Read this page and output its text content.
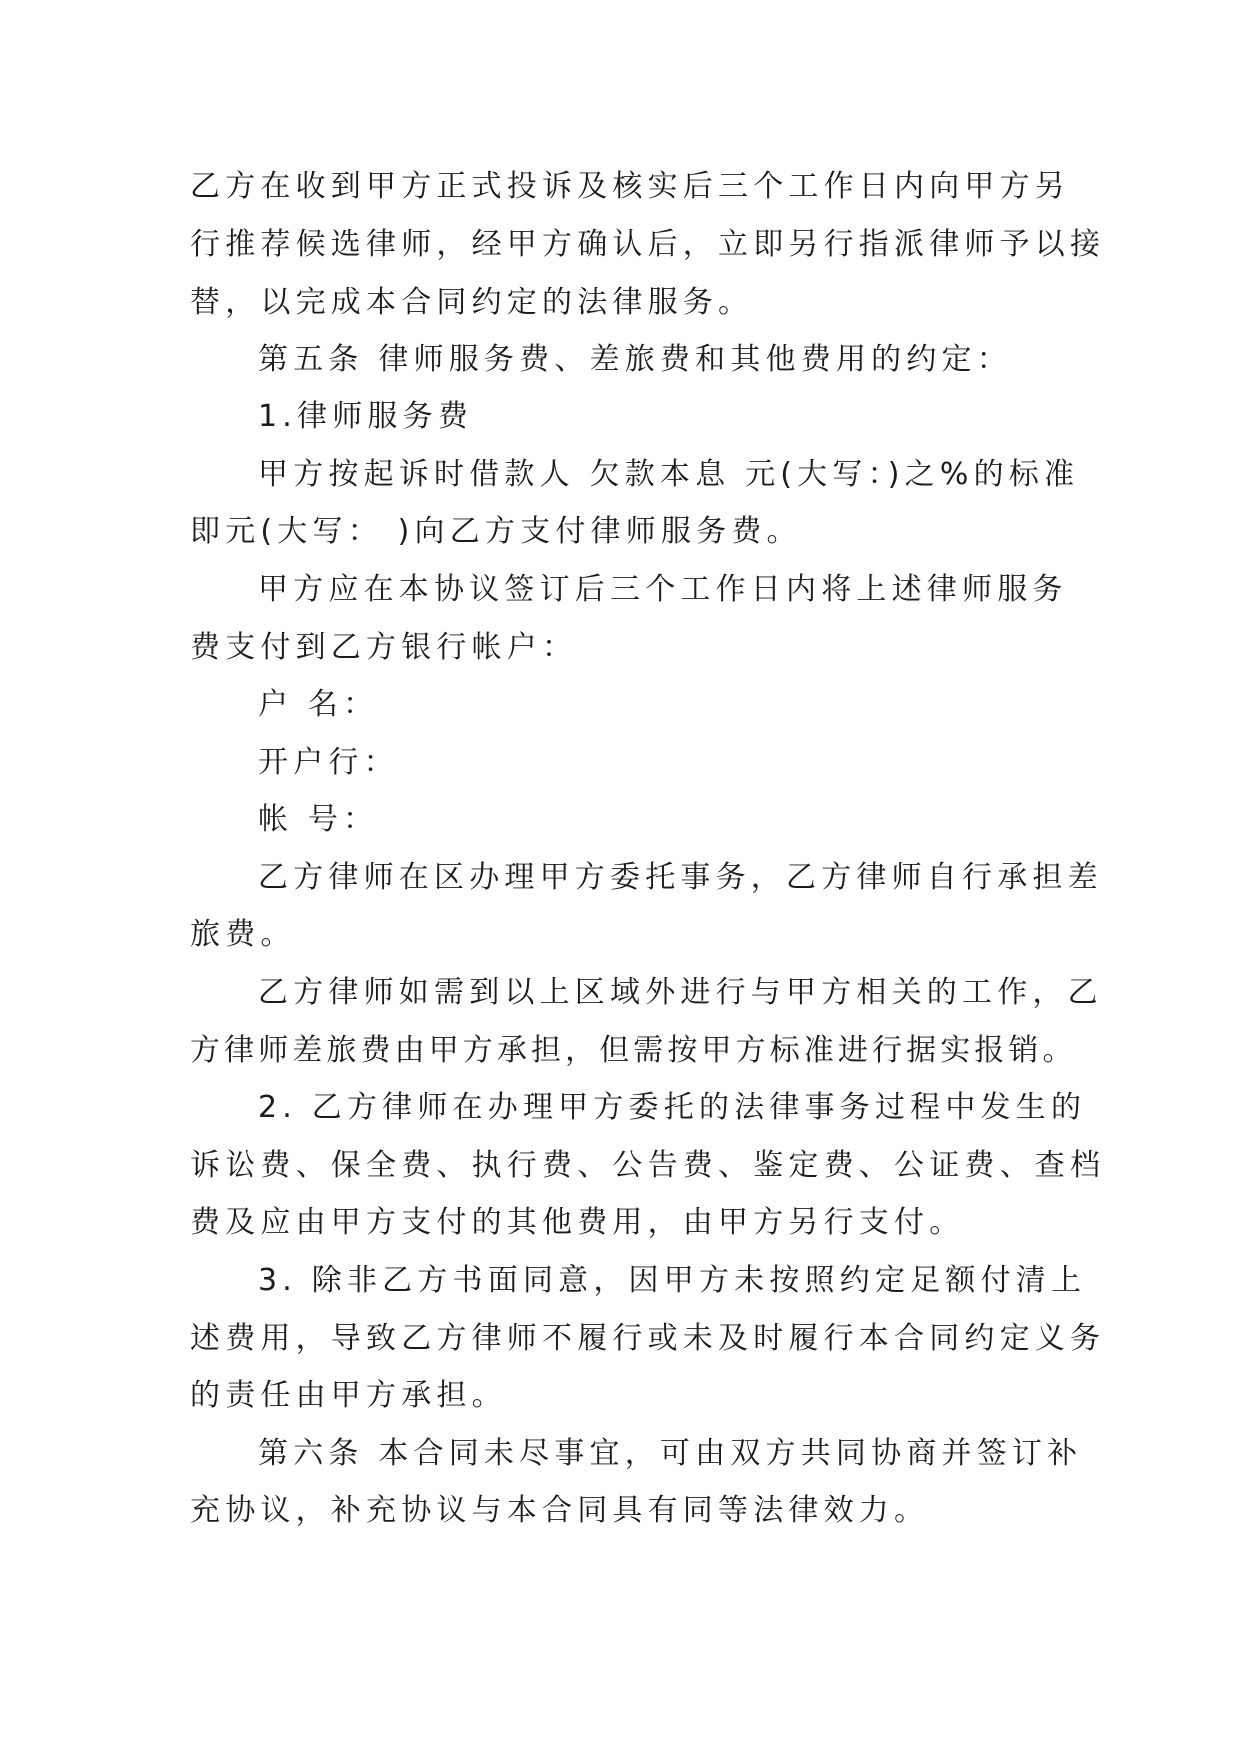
乙方在收到甲方正式投诉及核实后三个工作日内向甲方另
行推荐候选律师，经甲方确认后，立即另行指派律师予以接
替，以完成本合同约定的法律服务。
第五条 律师服务费、差旅费和其他费用的约定：
1.律师服务费
甲方按起诉时借款人 欠款本息 元(大写：)之%的标准
即元(大写： )向乙方支付律师服务费。
甲方应在本协议签订后三个工作日内将上述律师服务
费支付到乙方银行帐户：
户 名：
开户行：
帐 号：
乙方律师在区办理甲方委托事务，乙方律师自行承担差
旅费。
乙方律师如需到以上区域外进行与甲方相关的工作，乙
方律师差旅费由甲方承担，但需按甲方标准进行据实报销。
2. 乙方律师在办理甲方委托的法律事务过程中发生的
诉讼费、保全费、执行费、公告费、鉴定费、公证费、查档
费及应由甲方支付的其他费用，由甲方另行支付。
3. 除非乙方书面同意，因甲方未按照约定足额付清上
述费用，导致乙方律师不履行或未及时履行本合同约定义务
的责任由甲方承担。
第六条 本合同未尽事宜，可由双方共同协商并签订补
充协议，补充协议与本合同具有同等法律效力。
